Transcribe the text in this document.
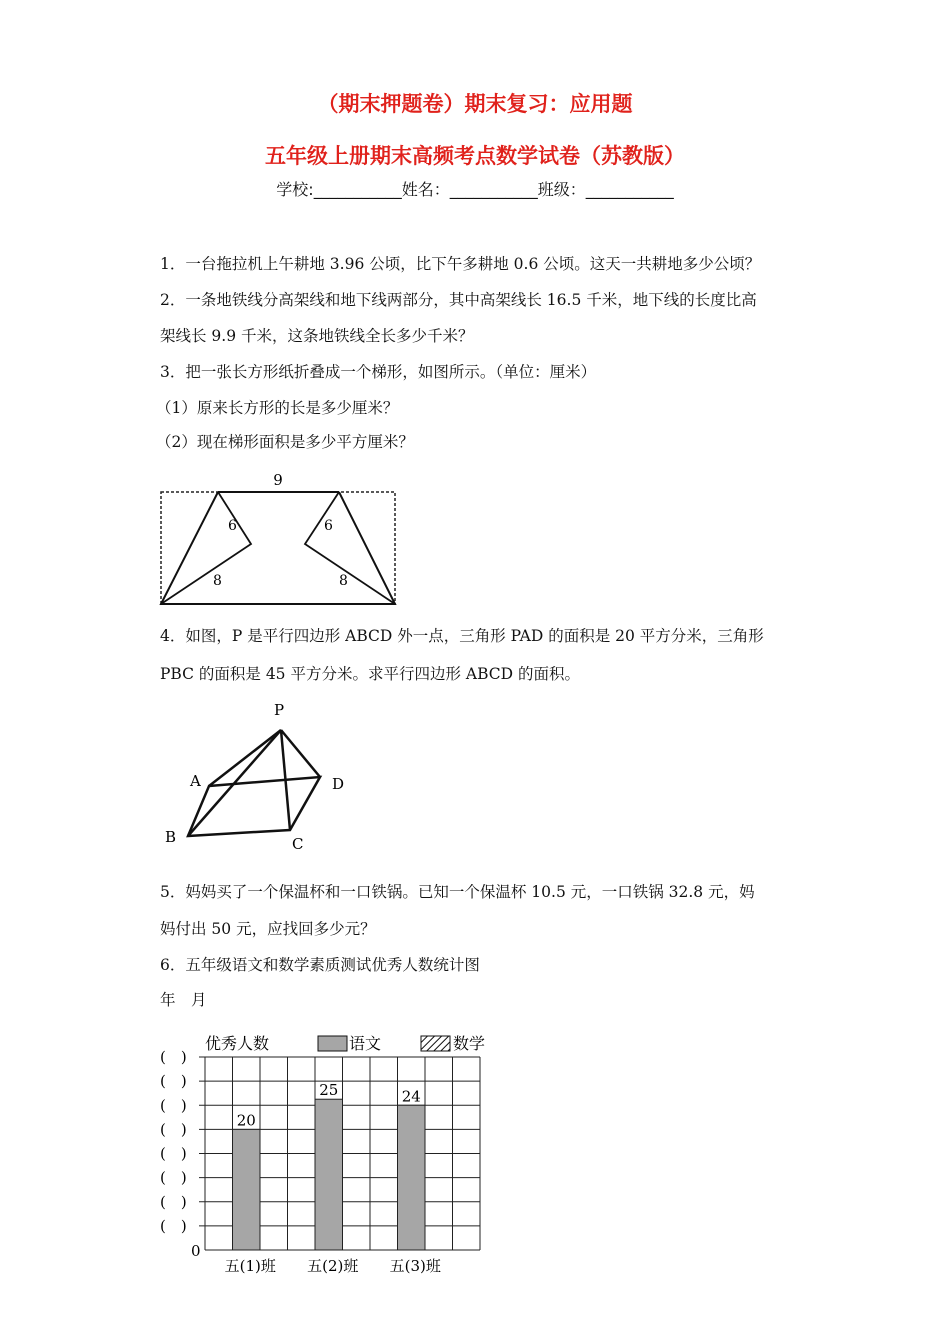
（期末押题卷）期末复习：应用题
五年级上册期末高频考点数学试卷（苏教版）
学校:___________姓名：___________班级：___________
1．一台拖拉机上午耕地 3.96 公顷，比下午多耕地 0.6 公顷。这天一共耕地多少公顷？
2．一条地铁线分高架线和地下线两部分，其中高架线长 16.5 千米，地下线的长度比高
架线长 9.9 千米，这条地铁线全长多少千米？
3．把一张长方形纸折叠成一个梯形，如图所示。（单位：厘米）
（1）原来长方形的长是多少厘米？
（2）现在梯形面积是多少平方厘米？
9
6
8
6
8
4．如图，P 是平行四边形 ABCD 外一点，三角形 PAD 的面积是 20 平方分米，三角形
PBC 的面积是 45 平方分米。求平行四边形 ABCD 的面积。
P
A
B	C
D
5．妈妈买了一个保温杯和一口铁锅。已知一个保温杯 10.5 元，一口铁锅 32.8 元，妈
妈付出 50 元，应找回多少元？
6．五年级语文和数学素质测试优秀人数统计图
年　月
(　)
(　)
(　)
(　)
(　)
(　)
(　)
(　)
0
20
五(1)班
25
五(2)班
24
五(3)班
优秀人数	语文	数学
